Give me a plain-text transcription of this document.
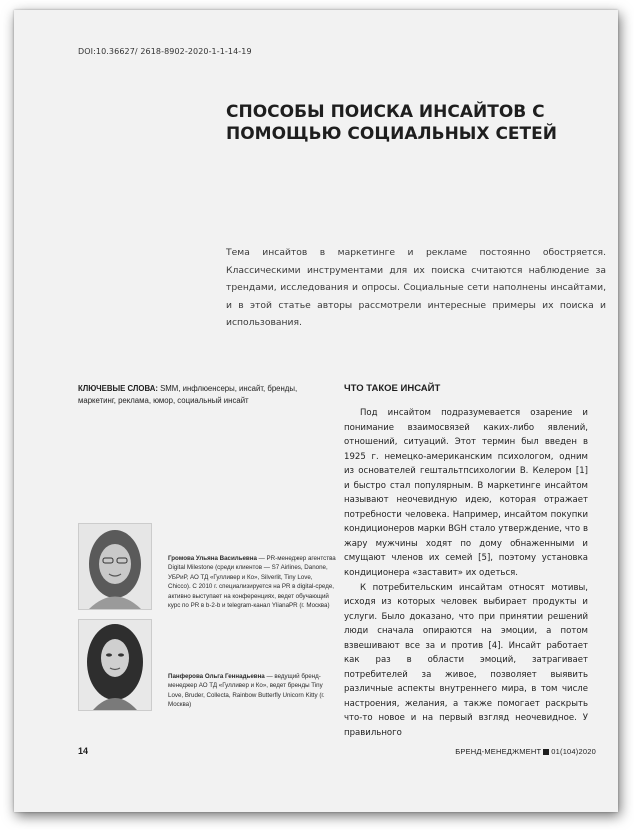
DOI:10.36627/ 2618-8902-2020-1-1-14-19
СПОСОБЫ ПОИСКА ИНСАЙТОВ С ПОМОЩЬЮ СОЦИАЛЬНЫХ СЕТЕЙ

Тема инсайтов в маркетинге и рекламе постоянно обостряется. Классическими инструментами для их поиска считаются наблюдение за трендами, исследования и опросы. Социальные сети наполнены инсайтами, и в этой статье авторы рассмотрели интересные примеры их поиска и использования.

КЛЮЧЕВЫЕ СЛОВА: SMM, инфлюенсеры, инсайт, бренды, маркетинг, реклама, юмор, социальный инсайт

Громова Ульяна Васильевна — PR-менеджер агентства Digital Milestone (среди клиентов — S7 Airlines, Danone, УБРиР, АО ТД «Гулливер и Ко», Silverlit, Tiny Love, Chicco). С 2010 г. специализируется на PR в digital-среде, активно выступает на конференциях, ведет обучающий курс по PR в b-2-b и telegram-канал YlianaPR (г. Москва)

Панферова Ольга Геннадьевна — ведущий бренд-менеджер АО ТД «Гулливер и Ко», ведет бренды Tiny Love, Bruder, Collecta, Rainbow Butterfly Unicorn Kitty (г. Москва)

ЧТО ТАКОЕ ИНСАЙТ

Под инсайтом подразумевается озарение и понимание взаимосвязей каких-либо явлений, отношений, ситуаций. Этот термин был введен в 1925 г. немецко-американским психологом, одним из основателей гештальтпсихологии В. Келером [1] и быстро стал популярным. В маркетинге инсайтом называют неочевидную идею, которая отражает потребности человека. Например, инсайтом покупки кондиционеров марки BGH стало утверждение, что в жару мужчины ходят по дому обнаженными и смущают членов их семей [5], поэтому установка кондиционера «заставит» их одеться.

К потребительским инсайтам относят мотивы, исходя из которых человек выбирает продукты и услуги. Было доказано, что при принятии решений люди сначала опираются на эмоции, а потом взвешивают все за и против [4]. Инсайт работает как раз в области эмоций, затрагивает потребителей за живое, позволяет выявить различные аспекты внутреннего мира, в том числе настроения, желания, а также помогает раскрыть что-то новое и на первый взгляд неочевидное. У правильного

14	БРЕНД-МЕНЕДЖМЕНТ 01(104)2020
